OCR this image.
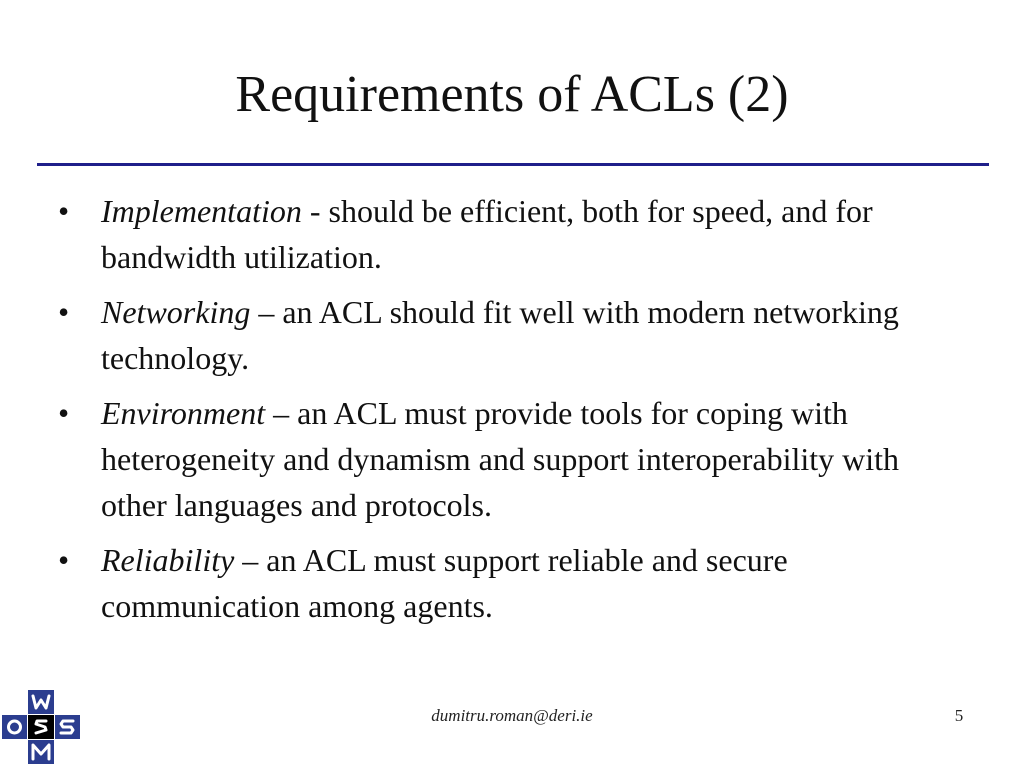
Requirements of ACLs (2)
• Implementation - should be efficient, both for speed, and for bandwidth utilization.
• Networking – an ACL should fit well with modern networking technology.
• Environment – an ACL must provide tools for coping with heterogeneity and dynamism and support interoperability with other languages and protocols.
• Reliability – an ACL must support reliable and secure communication among agents.
dumitru.roman@deri.ie	5
